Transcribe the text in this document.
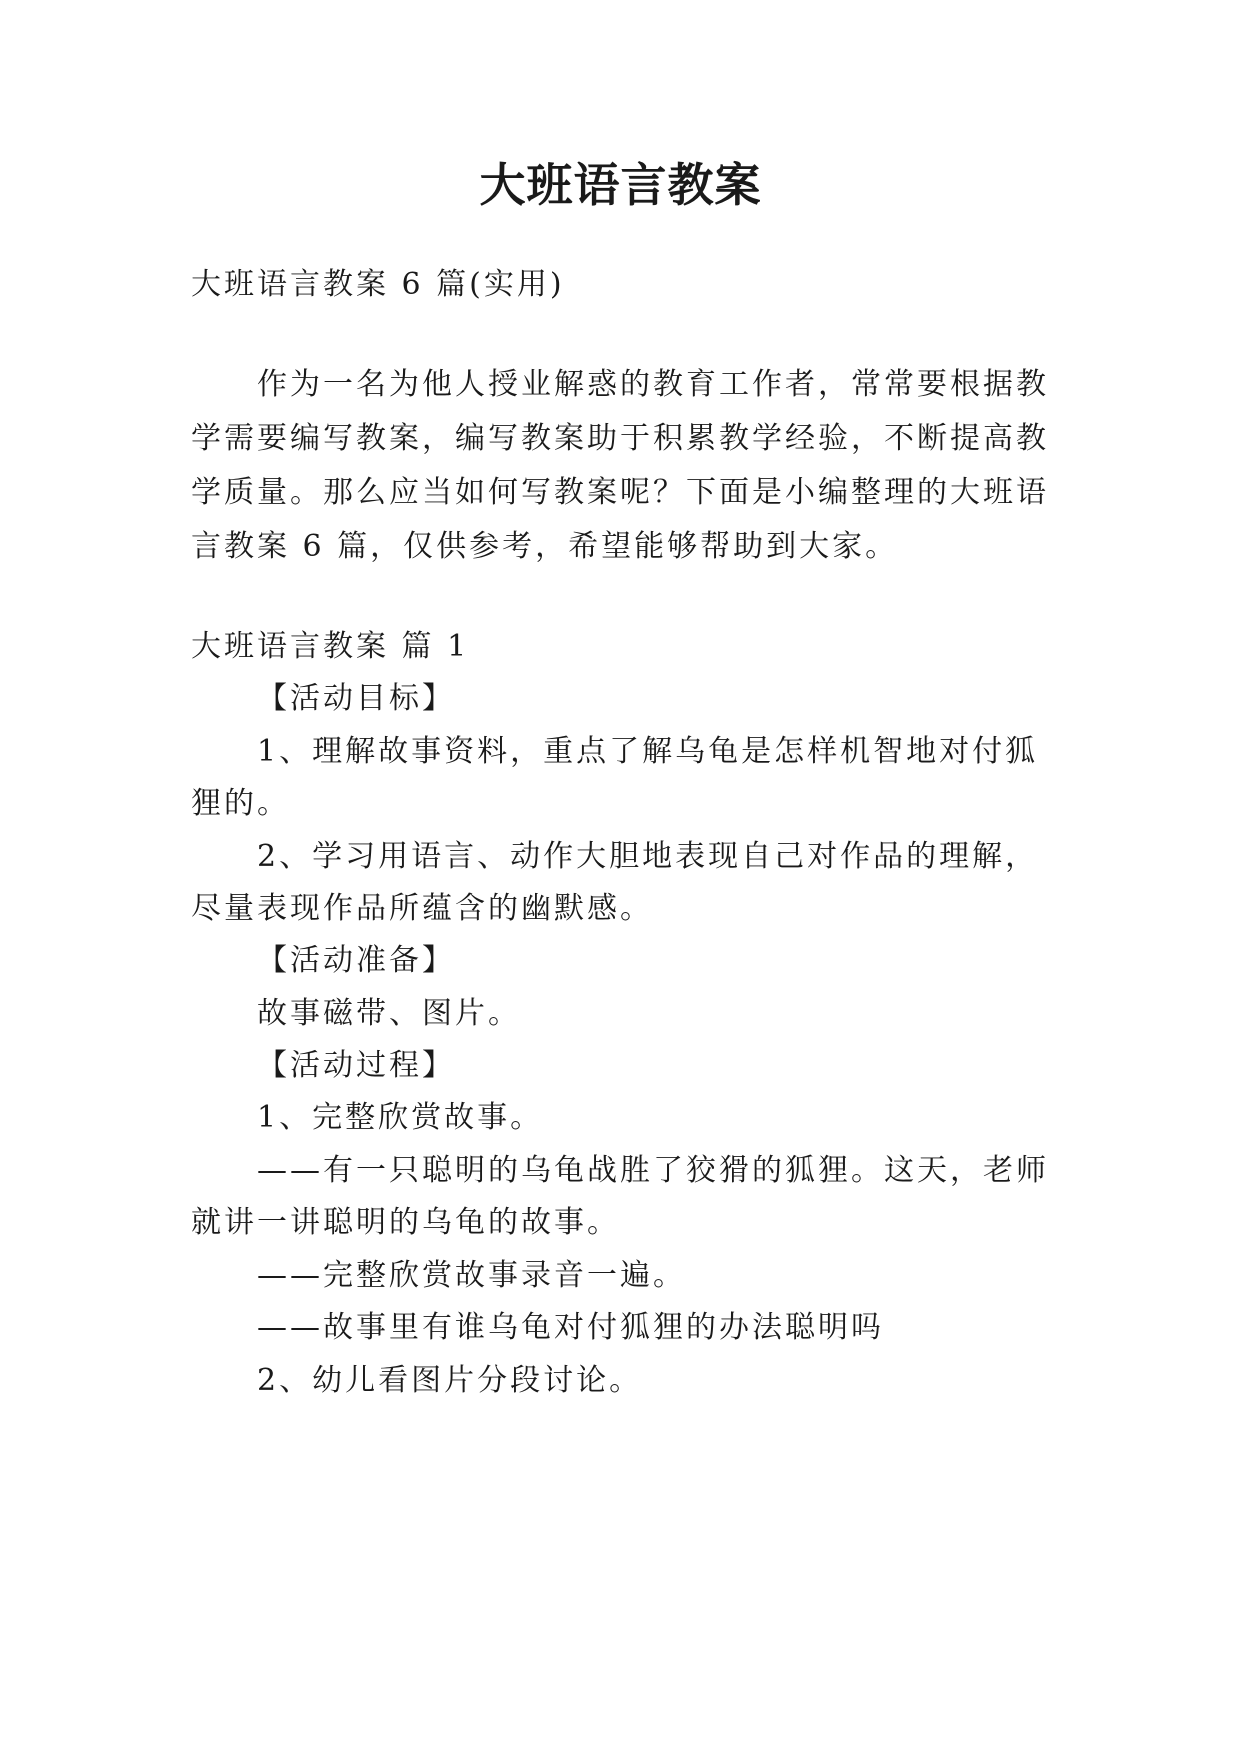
大班语言教案
大班语言教案 6 篇(实用)
作为一名为他人授业解惑的教育工作者，常常要根据教
学需要编写教案，编写教案助于积累教学经验，不断提高教
学质量。那么应当如何写教案呢？下面是小编整理的大班语
言教案 6 篇，仅供参考，希望能够帮助到大家。
大班语言教案 篇 1
【活动目标】
1、理解故事资料，重点了解乌龟是怎样机智地对付狐
狸的。
2、学习用语言、动作大胆地表现自己对作品的理解，
尽量表现作品所蕴含的幽默感。
【活动准备】
故事磁带、图片。
【活动过程】
1、完整欣赏故事。
——有一只聪明的乌龟战胜了狡猾的狐狸。这天，老师
就讲一讲聪明的乌龟的故事。
——完整欣赏故事录音一遍。
——故事里有谁乌龟对付狐狸的办法聪明吗
2、幼儿看图片分段讨论。
